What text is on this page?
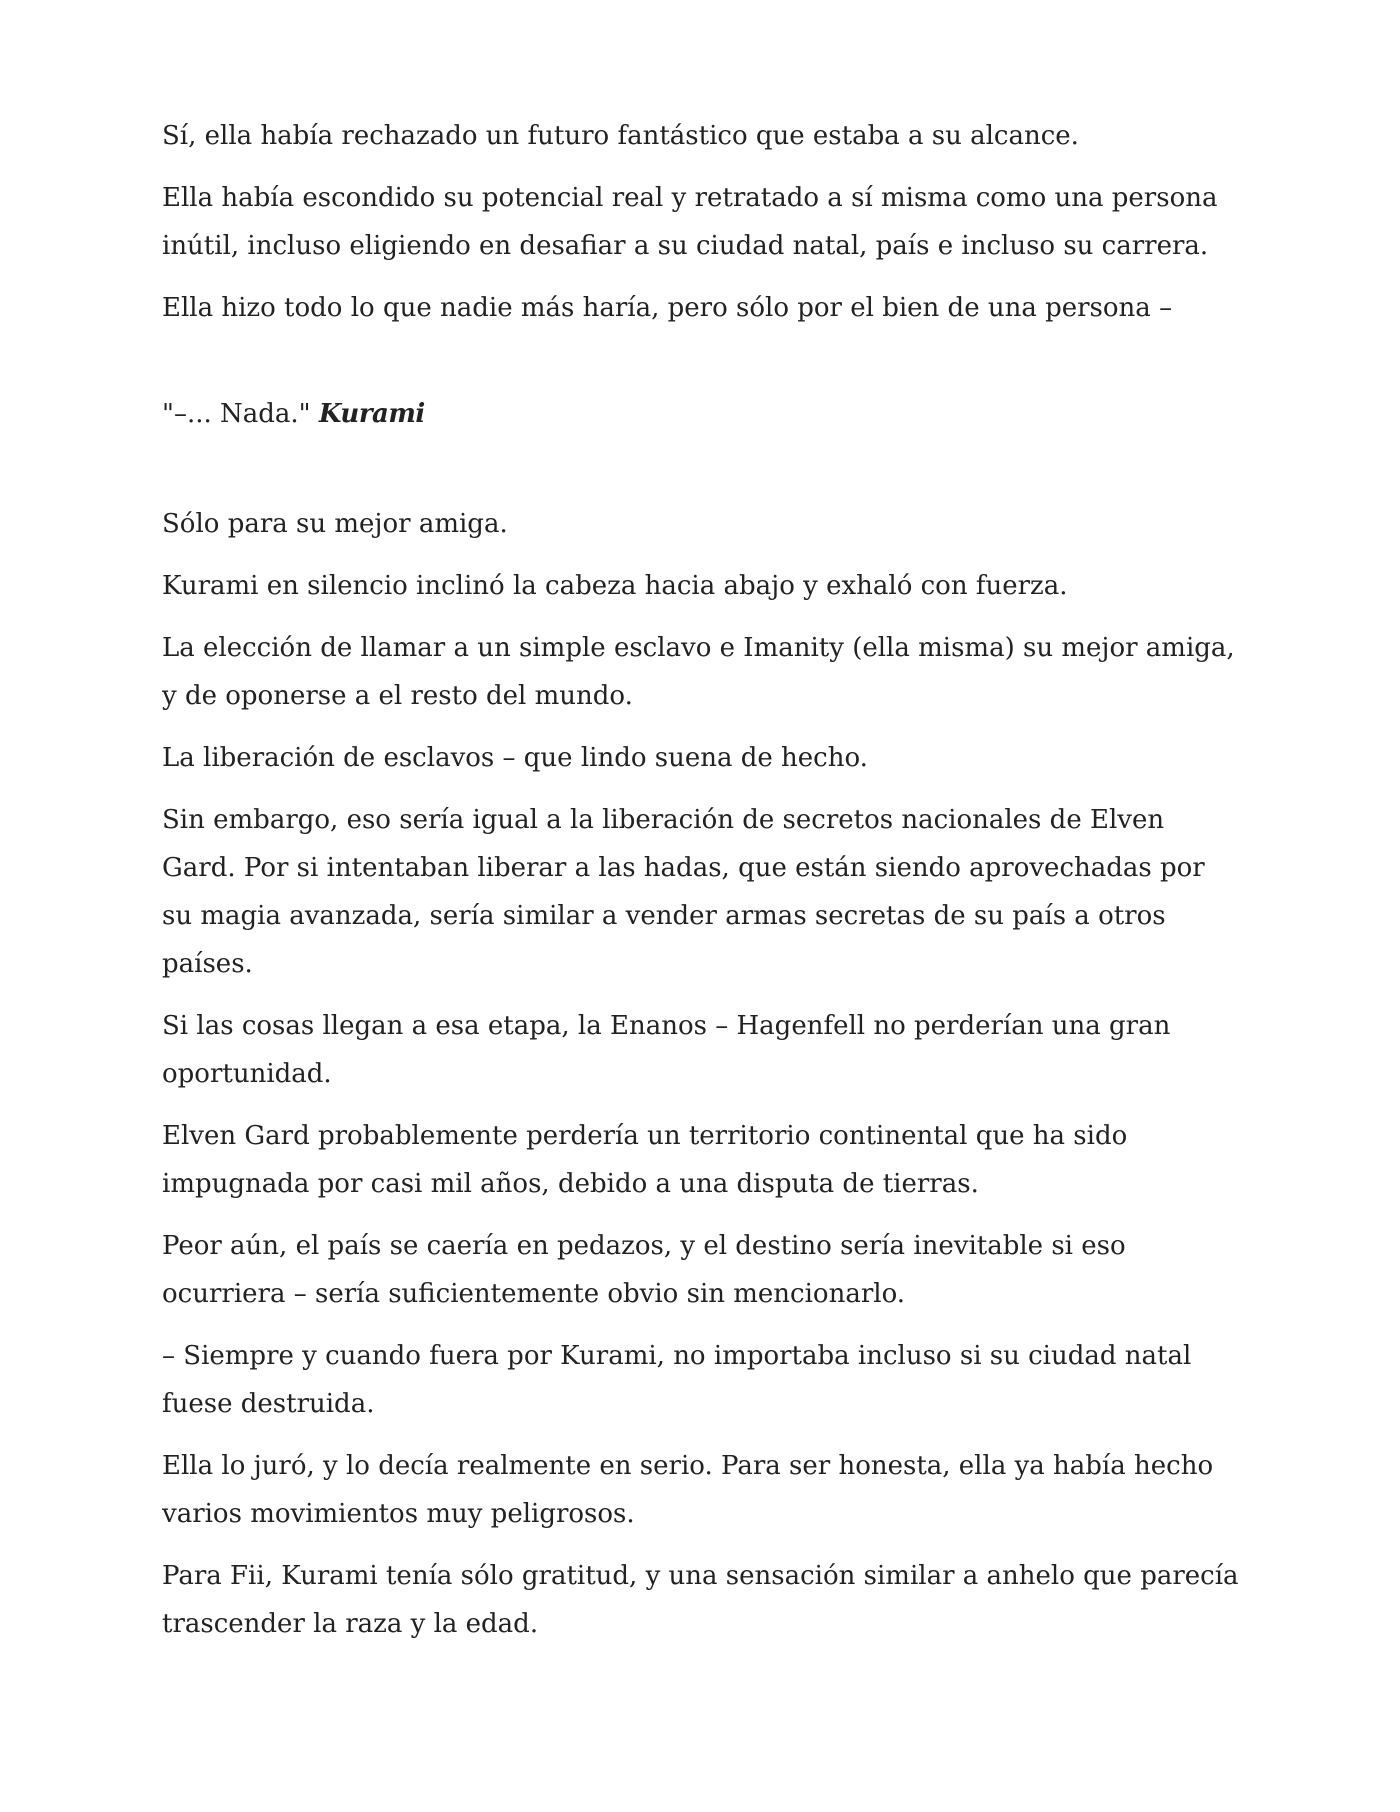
Sí, ella había rechazado un futuro fantástico que estaba a su alcance.

Ella había escondido su potencial real y retratado a sí misma como una persona inútil, incluso eligiendo en desafiar a su ciudad natal, país e incluso su carrera.

Ella hizo todo lo que nadie más haría, pero sólo por el bien de una persona –

"–... Nada." Kurami

Sólo para su mejor amiga.

Kurami en silencio inclinó la cabeza hacia abajo y exhaló con fuerza.

La elección de llamar a un simple esclavo e Imanity (ella misma) su mejor amiga, y de oponerse a el resto del mundo.

La liberación de esclavos – que lindo suena de hecho.

Sin embargo, eso sería igual a la liberación de secretos nacionales de Elven Gard. Por si intentaban liberar a las hadas, que están siendo aprovechadas por su magia avanzada, sería similar a vender armas secretas de su país a otros países.

Si las cosas llegan a esa etapa, la Enanos – Hagenfell no perderían una gran oportunidad.

Elven Gard probablemente perdería un territorio continental que ha sido impugnada por casi mil años, debido a una disputa de tierras.

Peor aún, el país se caería en pedazos, y el destino sería inevitable si eso ocurriera – sería suficientemente obvio sin mencionarlo.

– Siempre y cuando fuera por Kurami, no importaba incluso si su ciudad natal fuese destruida.

Ella lo juró, y lo decía realmente en serio. Para ser honesta, ella ya había hecho varios movimientos muy peligrosos.

Para Fii, Kurami tenía sólo gratitud, y una sensación similar a anhelo que parecía trascender la raza y la edad.
